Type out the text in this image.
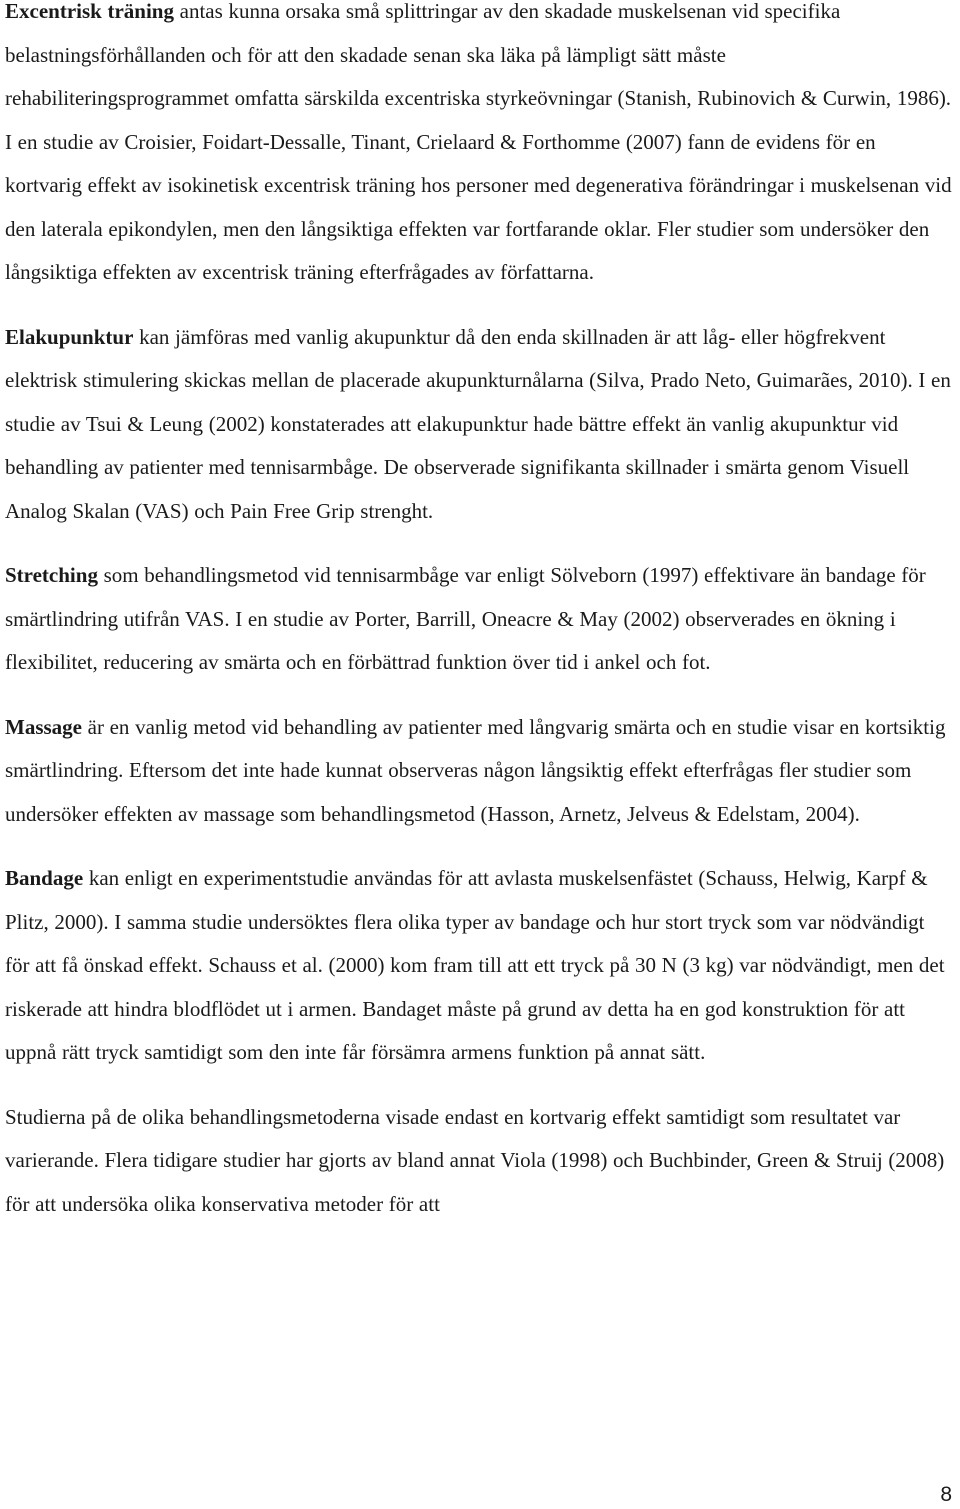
Excentrisk träning antas kunna orsaka små splittringar av den skadade muskelsenan vid specifika belastningsförhållanden och för att den skadade senan ska läka på lämpligt sätt måste rehabiliteringsprogrammet omfatta särskilda excentriska styrkeövningar (Stanish, Rubinovich & Curwin, 1986). I en studie av Croisier, Foidart-Dessalle, Tinant, Crielaard & Forthomme (2007) fann de evidens för en kortvarig effekt av isokinetisk excentrisk träning hos personer med degenerativa förändringar i muskelsenan vid den laterala epikondylen, men den långsiktiga effekten var fortfarande oklar. Fler studier som undersöker den långsiktiga effekten av excentrisk träning efterfrågades av författarna.

Elakupunktur kan jämföras med vanlig akupunktur då den enda skillnaden är att låg- eller högfrekvent elektrisk stimulering skickas mellan de placerade akupunkturnålarna (Silva, Prado Neto, Guimarães, 2010). I en studie av Tsui & Leung (2002) konstaterades att elakupunktur hade bättre effekt än vanlig akupunktur vid behandling av patienter med tennisarmbåge. De observerade signifikanta skillnader i smärta genom Visuell Analog Skalan (VAS) och Pain Free Grip strenght.

Stretching som behandlingsmetod vid tennisarmbåge var enligt Sölveborn (1997) effektivare än bandage för smärtlindring utifrån VAS. I en studie av Porter, Barrill, Oneacre & May (2002) observerades en ökning i flexibilitet, reducering av smärta och en förbättrad funktion över tid i ankel och fot.

Massage är en vanlig metod vid behandling av patienter med långvarig smärta och en studie visar en kortsiktig smärtlindring. Eftersom det inte hade kunnat observeras någon långsiktig effekt efterfrågas fler studier som undersöker effekten av massage som behandlingsmetod (Hasson, Arnetz, Jelveus & Edelstam, 2004).

Bandage kan enligt en experimentstudie användas för att avlasta muskelsenfästet (Schauss, Helwig, Karpf & Plitz, 2000). I samma studie undersöktes flera olika typer av bandage och hur stort tryck som var nödvändigt för att få önskad effekt. Schauss et al. (2000) kom fram till att ett tryck på 30 N (3 kg) var nödvändigt, men det riskerade att hindra blodflödet ut i armen. Bandaget måste på grund av detta ha en god konstruktion för att uppnå rätt tryck samtidigt som den inte får försämra armens funktion på annat sätt.

Studierna på de olika behandlingsmetoderna visade endast en kortvarig effekt samtidigt som resultatet var varierande. Flera tidigare studier har gjorts av bland annat Viola (1998) och Buchbinder, Green & Struij (2008) för att undersöka olika konservativa metoder för att

8
